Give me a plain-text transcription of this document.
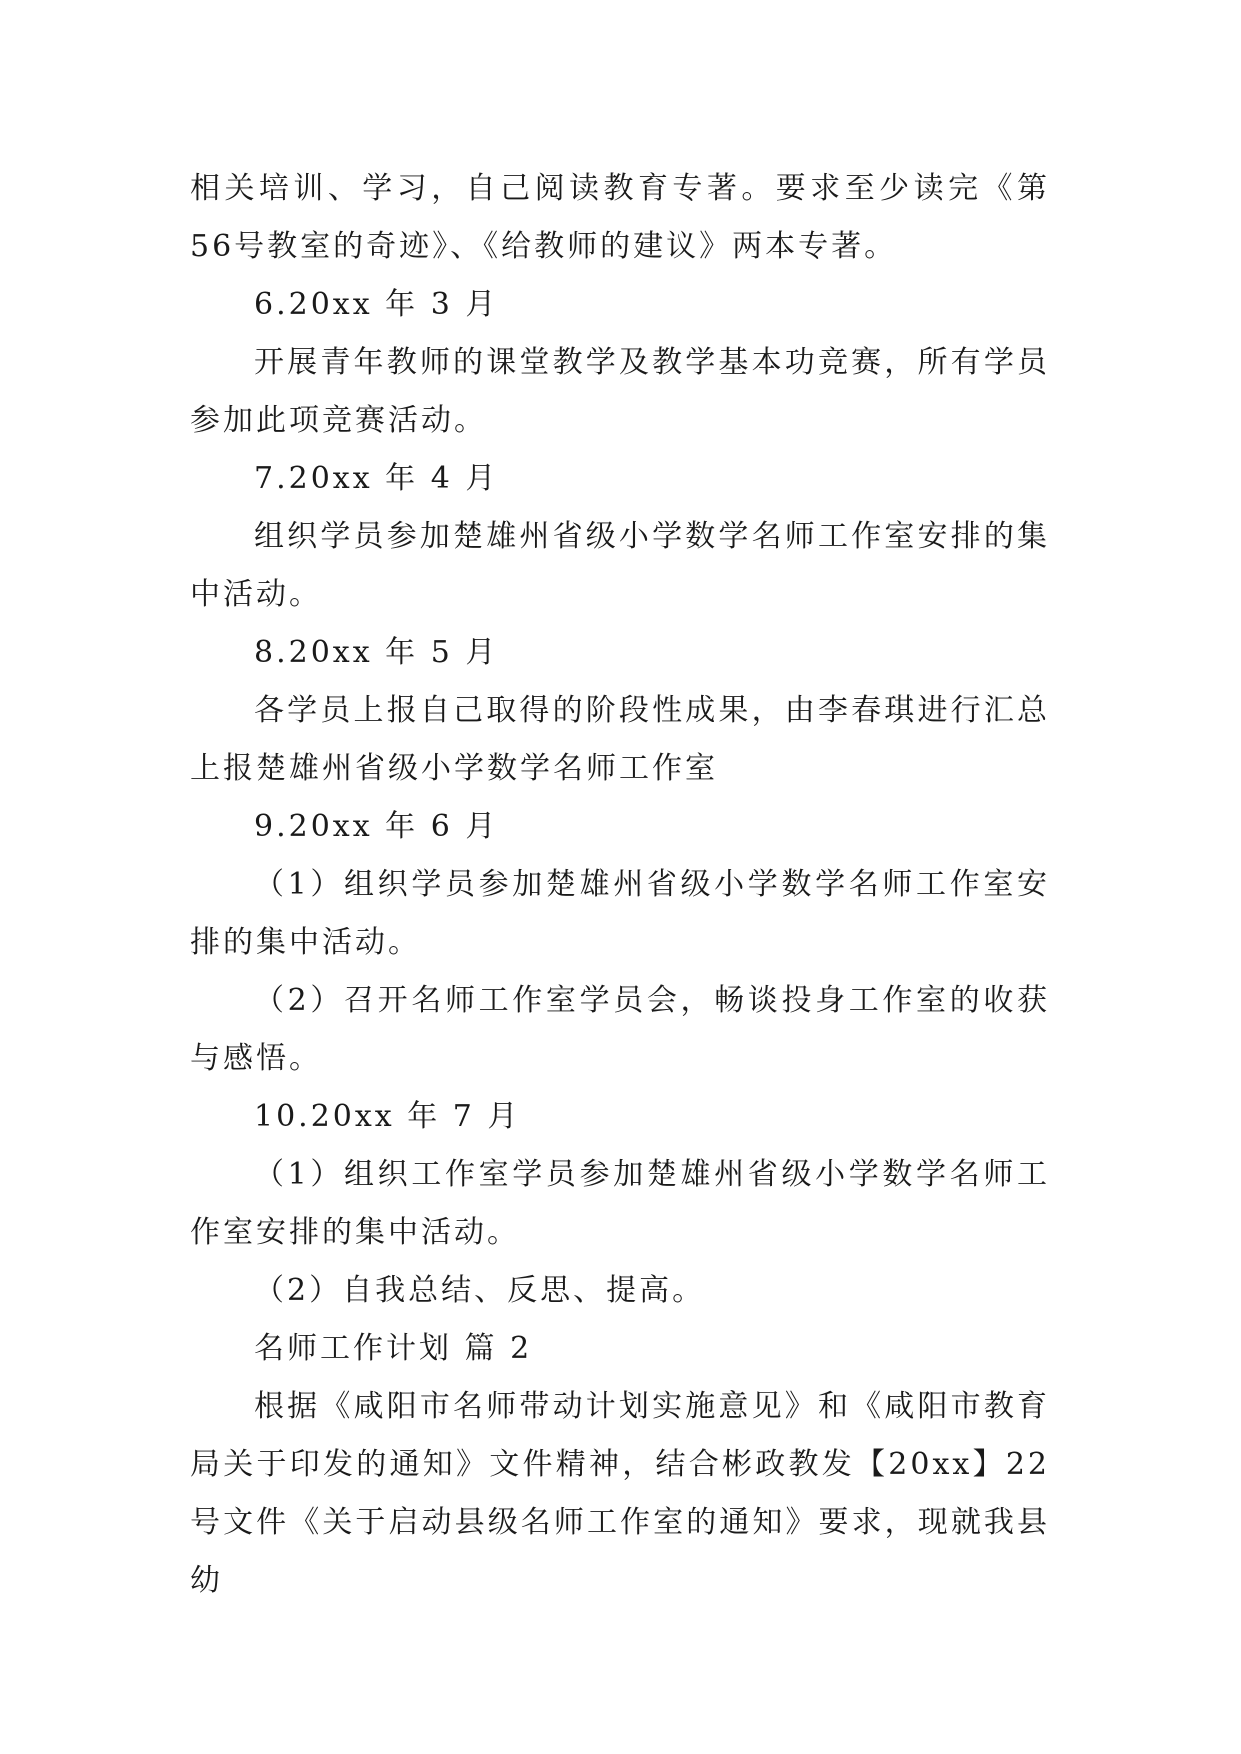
相关培训、学习，自己阅读教育专著。要求至少读完《第56号教室的奇迹》、《给教师的建议》两本专著。

6.20xx 年 3 月

开展青年教师的课堂教学及教学基本功竞赛，所有学员参加此项竞赛活动。

7.20xx 年 4 月

组织学员参加楚雄州省级小学数学名师工作室安排的集中活动。

8.20xx 年 5 月

各学员上报自己取得的阶段性成果，由李春琪进行汇总上报楚雄州省级小学数学名师工作室

9.20xx 年 6 月

（1）组织学员参加楚雄州省级小学数学名师工作室安排的集中活动。

（2）召开名师工作室学员会，畅谈投身工作室的收获与感悟。

10.20xx 年 7 月

（1）组织工作室学员参加楚雄州省级小学数学名师工作室安排的集中活动。

（2）自我总结、反思、提高。

名师工作计划 篇 2

根据《咸阳市名师带动计划实施意见》和《咸阳市教育局关于印发的通知》文件精神，结合彬政教发【20xx】22号文件《关于启动县级名师工作室的通知》要求，现就我县幼
